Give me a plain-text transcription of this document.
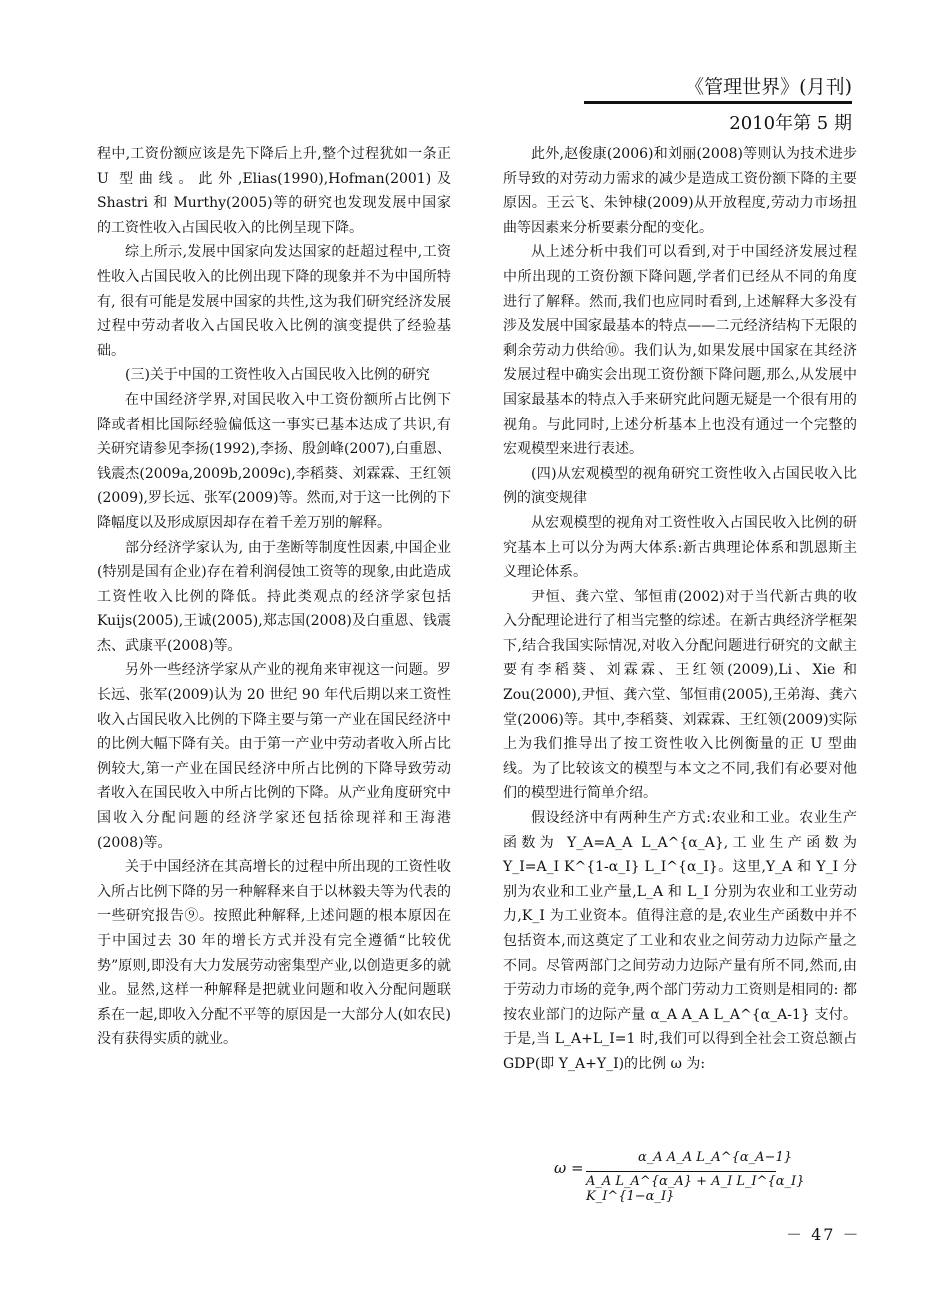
《管理世界》(月刊)
2010年第 5 期

程中,工资份额应该是先下降后上升,整个过程犹如一条正 U 型曲线。此外,Elias(1990),Hofman(2001)及 Shastri 和 Murthy(2005)等的研究也发现发展中国家的工资性收入占国民收入的比例呈现下降。

综上所示,发展中国家向发达国家的赶超过程中,工资性收入占国民收入的比例出现下降的现象并不为中国所特有, 很有可能是发展中国家的共性,这为我们研究经济发展过程中劳动者收入占国民收入比例的演变提供了经验基础。

(三)关于中国的工资性收入占国民收入比例的研究

在中国经济学界,对国民收入中工资份额所占比例下降或者相比国际经验偏低这一事实已基本达成了共识,有关研究请参见李扬(1992),李扬、殷剑峰(2007),白重恩、钱震杰(2009a,2009b,2009c),李稻葵、刘霖霖、王红领(2009),罗长远、张军(2009)等。然而,对于这一比例的下降幅度以及形成原因却存在着千差万别的解释。

部分经济学家认为, 由于垄断等制度性因素,中国企业(特别是国有企业)存在着利润侵蚀工资等的现象,由此造成工资性收入比例的降低。持此类观点的经济学家包括 Kuijs(2005),王诚(2005),郑志国(2008)及白重恩、钱震杰、武康平(2008)等。

另外一些经济学家从产业的视角来审视这一问题。罗长远、张军(2009)认为 20 世纪 90 年代后期以来工资性收入占国民收入比例的下降主要与第一产业在国民经济中的比例大幅下降有关。由于第一产业中劳动者收入所占比例较大,第一产业在国民经济中所占比例的下降导致劳动者收入在国民收入中所占比例的下降。从产业角度研究中国收入分配问题的经济学家还包括徐现祥和王海港(2008)等。

关于中国经济在其高增长的过程中所出现的工资性收入所占比例下降的另一种解释来自于以林毅夫等为代表的一些研究报告⑨。按照此种解释,上述问题的根本原因在于中国过去 30 年的增长方式并没有完全遵循“比较优势”原则,即没有大力发展劳动密集型产业,以创造更多的就业。显然,这样一种解释是把就业问题和收入分配问题联系在一起,即收入分配不平等的原因是一大部分人(如农民)没有获得实质的就业。

此外,赵俊康(2006)和刘丽(2008)等则认为技术进步所导致的对劳动力需求的减少是造成工资份额下降的主要原因。王云飞、朱钟棣(2009)从开放程度,劳动力市场扭曲等因素来分析要素分配的变化。

从上述分析中我们可以看到,对于中国经济发展过程中所出现的工资份额下降问题,学者们已经从不同的角度进行了解释。然而,我们也应同时看到,上述解释大多没有涉及发展中国家最基本的特点——二元经济结构下无限的剩余劳动力供给⑩。我们认为,如果发展中国家在其经济发展过程中确实会出现工资份额下降问题,那么,从发展中国家最基本的特点入手来研究此问题无疑是一个很有用的视角。与此同时,上述分析基本上也没有通过一个完整的宏观模型来进行表述。

(四)从宏观模型的视角研究工资性收入占国民收入比例的演变规律

从宏观模型的视角对工资性收入占国民收入比例的研究基本上可以分为两大体系:新古典理论体系和凯恩斯主义理论体系。

尹恒、龚六堂、邹恒甫(2002)对于当代新古典的收入分配理论进行了相当完整的综述。在新古典经济学框架下,结合我国实际情况,对收入分配问题进行研究的文献主要有李稻葵、刘霖霖、王红领(2009),Li、Xie 和 Zou(2000),尹恒、龚六堂、邹恒甫(2005),王弟海、龚六堂(2006)等。其中,李稻葵、刘霖霖、王红领(2009)实际上为我们推导出了按工资性收入比例衡量的正 U 型曲线。为了比较该文的模型与本文之不同,我们有必要对他们的模型进行简单介绍。

假设经济中有两种生产方式:农业和工业。农业生产函数为 Y_A=A_A L_A^{α_A},工业生产函数为 Y_I=A_I K^{1-α_I} L_I^{α_I}。这里,Y_A 和 Y_I 分别为农业和工业产量,L_A 和 L_I 分别为农业和工业劳动力,K_I 为工业资本。值得注意的是,农业生产函数中并不包括资本,而这奠定了工业和农业之间劳动力边际产量之不同。尽管两部门之间劳动力边际产量有所不同,然而,由于劳动力市场的竞争,两个部门劳动力工资则是相同的: 都按农业部门的边际产量 α_A A_A L_A^{α_A-1} 支付。于是,当 L_A+L_I=1 时,我们可以得到全社会工资总额占GDP(即 Y_A+Y_I)的比例 ω 为:

ω =
α_A A_A L_A^{α_A−1}
A_A L_A^{α_A} + A_I L_I^{α_I} K_I^{1−α_I}
－ 47 －
